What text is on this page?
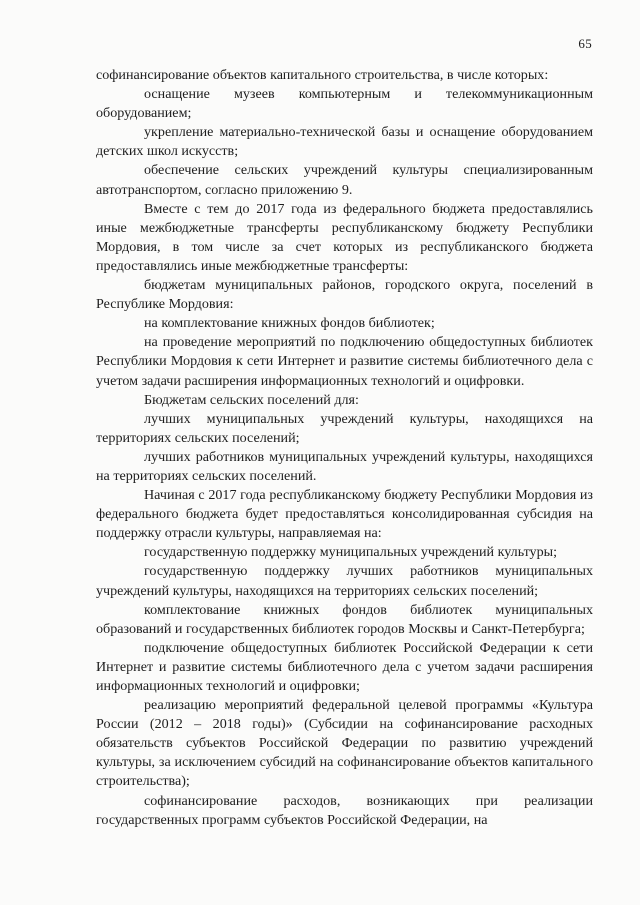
65

софинансирование объектов капитального строительства, в числе которых:

оснащение музеев компьютерным и телекоммуникационным оборудованием;

укрепление материально-технической базы и оснащение оборудованием детских школ искусств;

обеспечение сельских учреждений культуры специализированным автотранспортом, согласно приложению 9.

Вместе с тем до 2017 года из федерального бюджета предоставлялись иные межбюджетные трансферты республиканскому бюджету Республики Мордовия, в том числе за счет которых из республиканского бюджета предоставлялись иные межбюджетные трансферты:

бюджетам муниципальных районов, городского округа, поселений в Республике Мордовия:

на комплектование книжных фондов библиотек;

на проведение мероприятий по подключению общедоступных библиотек Республики Мордовия к сети Интернет и развитие системы библиотечного дела с учетом задачи расширения информационных технологий и оцифровки.

Бюджетам сельских поселений для:

лучших муниципальных учреждений культуры, находящихся на территориях сельских поселений;

лучших работников муниципальных учреждений культуры, находящихся на территориях сельских поселений.

Начиная с 2017 года республиканскому бюджету Республики Мордовия из федерального бюджета будет предоставляться консолидированная субсидия на поддержку отрасли культуры, направляемая на:

государственную поддержку муниципальных учреждений культуры;

государственную поддержку лучших работников муниципальных учреждений культуры, находящихся на территориях сельских поселений;

комплектование книжных фондов библиотек муниципальных образований и государственных библиотек городов Москвы и Санкт-Петербурга;

подключение общедоступных библиотек Российской Федерации к сети Интернет и развитие системы библиотечного дела с учетом задачи расширения информационных технологий и оцифровки;

реализацию мероприятий федеральной целевой программы «Культура России (2012 – 2018 годы)» (Субсидии на софинансирование расходных обязательств субъектов Российской Федерации по развитию учреждений культуры, за исключением субсидий на софинансирование объектов капитального строительства);

софинансирование расходов, возникающих при реализации государственных программ субъектов Российской Федерации, на
